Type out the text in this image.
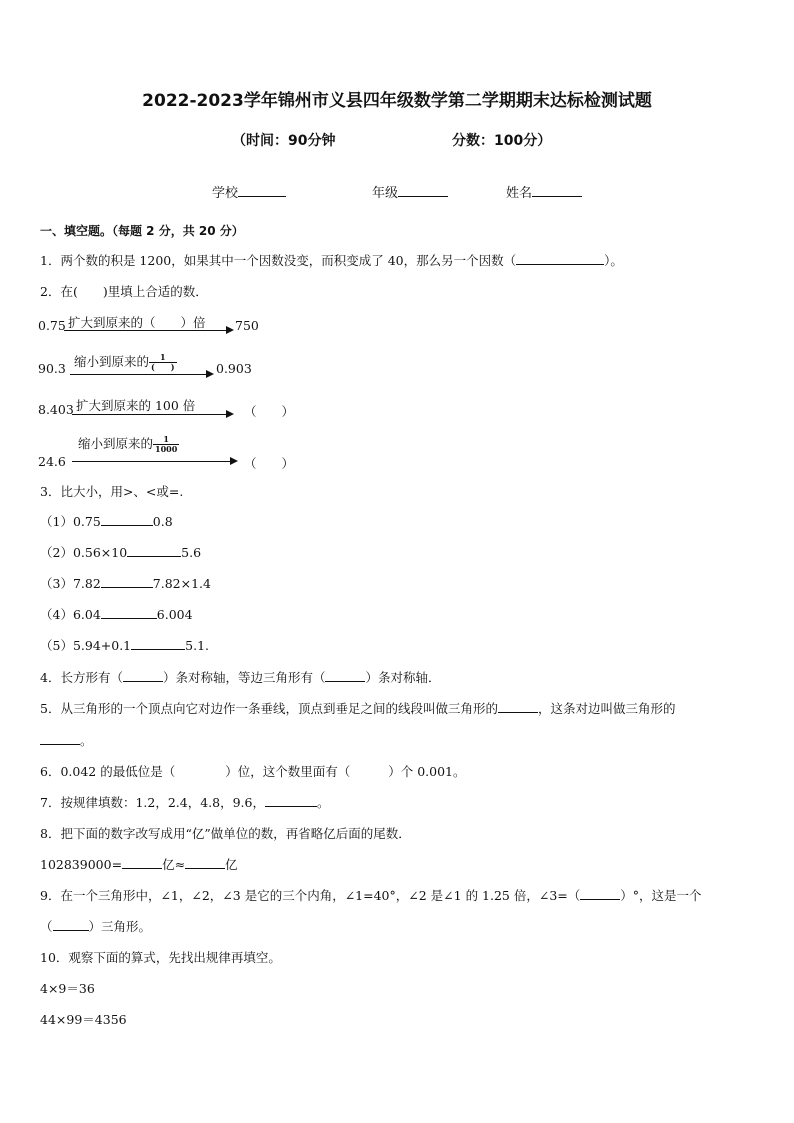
2022-2023学年锦州市义县四年级数学第二学期期末达标检测试题
（时间：90分钟	分数：100分）
学校	年级	姓名
一、填空题。（每题 2 分，共 20 分）
1．两个数的积是 1200，如果其中一个因数没变，而积变成了 40，那么另一个因数（	）。
2．在(　　)里填上合适的数．
0.75 扩大到原来的（　　）倍 750
90.3 缩小到原来的 $\frac{1}{( )}$	0.903
8.403 扩大到原来的 100 倍	（　　）
缩小到原来的 $\frac{1}{1000}$
24.6	（　　）
3．比大小，用>、<或=.
（1）0.75	0.8
（2）0.56×10	5.6
（3）7.82	7.82×1.4
（4）6.04	6.004
（5）5.94+0.1	5.1.
4．长方形有（	）条对称轴，等边三角形有（	）条对称轴．
5．从三角形的一个顶点向它对边作一条垂线，顶点到垂足之间的线段叫做三角形的	，这条对边叫做三角形的
。
6．0.042 的最低位是（	）位，这个数里面有（	）个 0.001。
7．按规律填数：1.2，2.4，4.8，9.6，	。
8．把下面的数字改写成用“亿”做单位的数，再省略亿后面的尾数．
102839000=	亿≈	亿
9．在一个三角形中，∠1，∠2，∠3 是它的三个内角，∠1=40°，∠2 是∠1 的 1.25 倍，∠3=（	）°，这是一个
（	）三角形。
10．观察下面的算式，先找出规律再填空。
4×9＝36
44×99＝4356
